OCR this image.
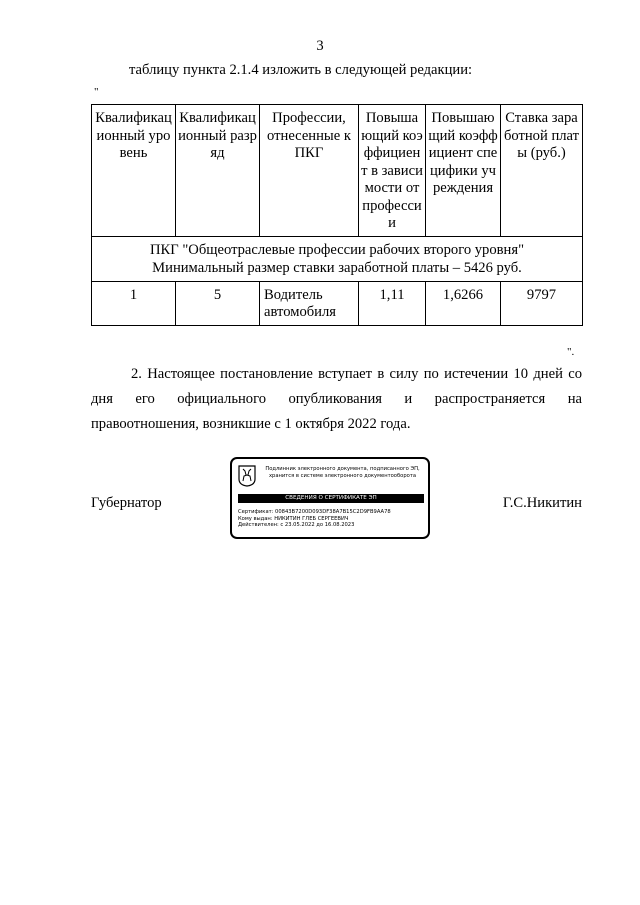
3
таблицу пункта 2.1.4 изложить в следующей редакции:
"
Квалификационный уровень	Квалификационный разряд	Профессии, отнесенные к ПКГ	Повышающий коэффициент в зависимости от профессии	Повышающий коэффициент специфики учреждения	Ставка заработной платы (руб.)

ПКГ "Общеотраслевые профессии рабочих второго уровня"
Минимальный размер ставки заработной платы – 5426 руб.					

1	5	Водитель автомобиля	1,11	1,6266	9797
".
2. Настоящее постановление вступает в силу по истечении 10 дней со
дня его официального опубликования и распространяется на
правоотношения, возникшие с 1 октября 2022 года.
Губернатор	Г.С.Никитин
Подлинник электронного документа, подписанного ЭП,
хранится в системе электронного документооборота
СВЕДЕНИЯ О СЕРТИФИКАТЕ ЭП
Сертификат: 00843B7200D093DF38A7B15C2D9FB9AA78
Кому выдан: НИКИТИН ГЛЕБ СЕРГЕЕВИЧ
Действителен: с 23.05.2022 до 16.08.2023
